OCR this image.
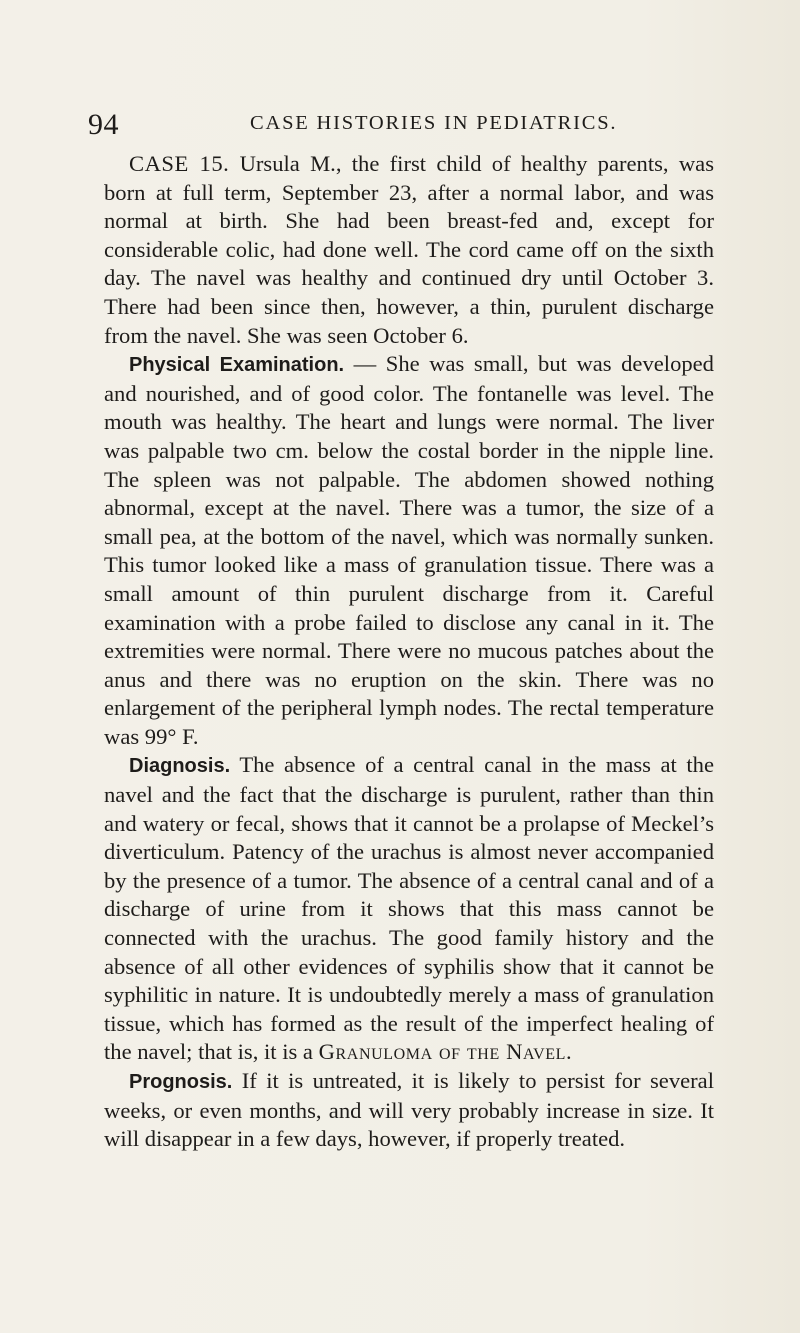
94	CASE HISTORIES IN PEDIATRICS.

CASE 15. Ursula M., the first child of healthy parents, was born at full term, September 23, after a normal labor, and was normal at birth. She had been breast-fed and, except for considerable colic, had done well. The cord came off on the sixth day. The navel was healthy and continued dry until October 3. There had been since then, however, a thin, purulent discharge from the navel. She was seen October 6.

Physical Examination. — She was small, but was developed and nourished, and of good color. The fontanelle was level. The mouth was healthy. The heart and lungs were normal. The liver was palpable two cm. below the costal border in the nipple line. The spleen was not palpable. The abdomen showed nothing abnormal, except at the navel. There was a tumor, the size of a small pea, at the bottom of the navel, which was normally sunken. This tumor looked like a mass of granulation tissue. There was a small amount of thin purulent discharge from it. Careful examination with a probe failed to disclose any canal in it. The extremities were normal. There were no mucous patches about the anus and there was no eruption on the skin. There was no enlargement of the peripheral lymph nodes. The rectal temperature was 99° F.

Diagnosis. The absence of a central canal in the mass at the navel and the fact that the discharge is purulent, rather than thin and watery or fecal, shows that it cannot be a prolapse of Meckel’s diverticulum. Patency of the urachus is almost never accompanied by the presence of a tumor. The absence of a central canal and of a discharge of urine from it shows that this mass cannot be connected with the urachus. The good family history and the absence of all other evidences of syphilis show that it cannot be syphilitic in nature. It is undoubtedly merely a mass of granulation tissue, which has formed as the result of the imperfect healing of the navel; that is, it is a Granuloma of the Navel.

Prognosis. If it is untreated, it is likely to persist for several weeks, or even months, and will very probably increase in size. It will disappear in a few days, however, if properly treated.
